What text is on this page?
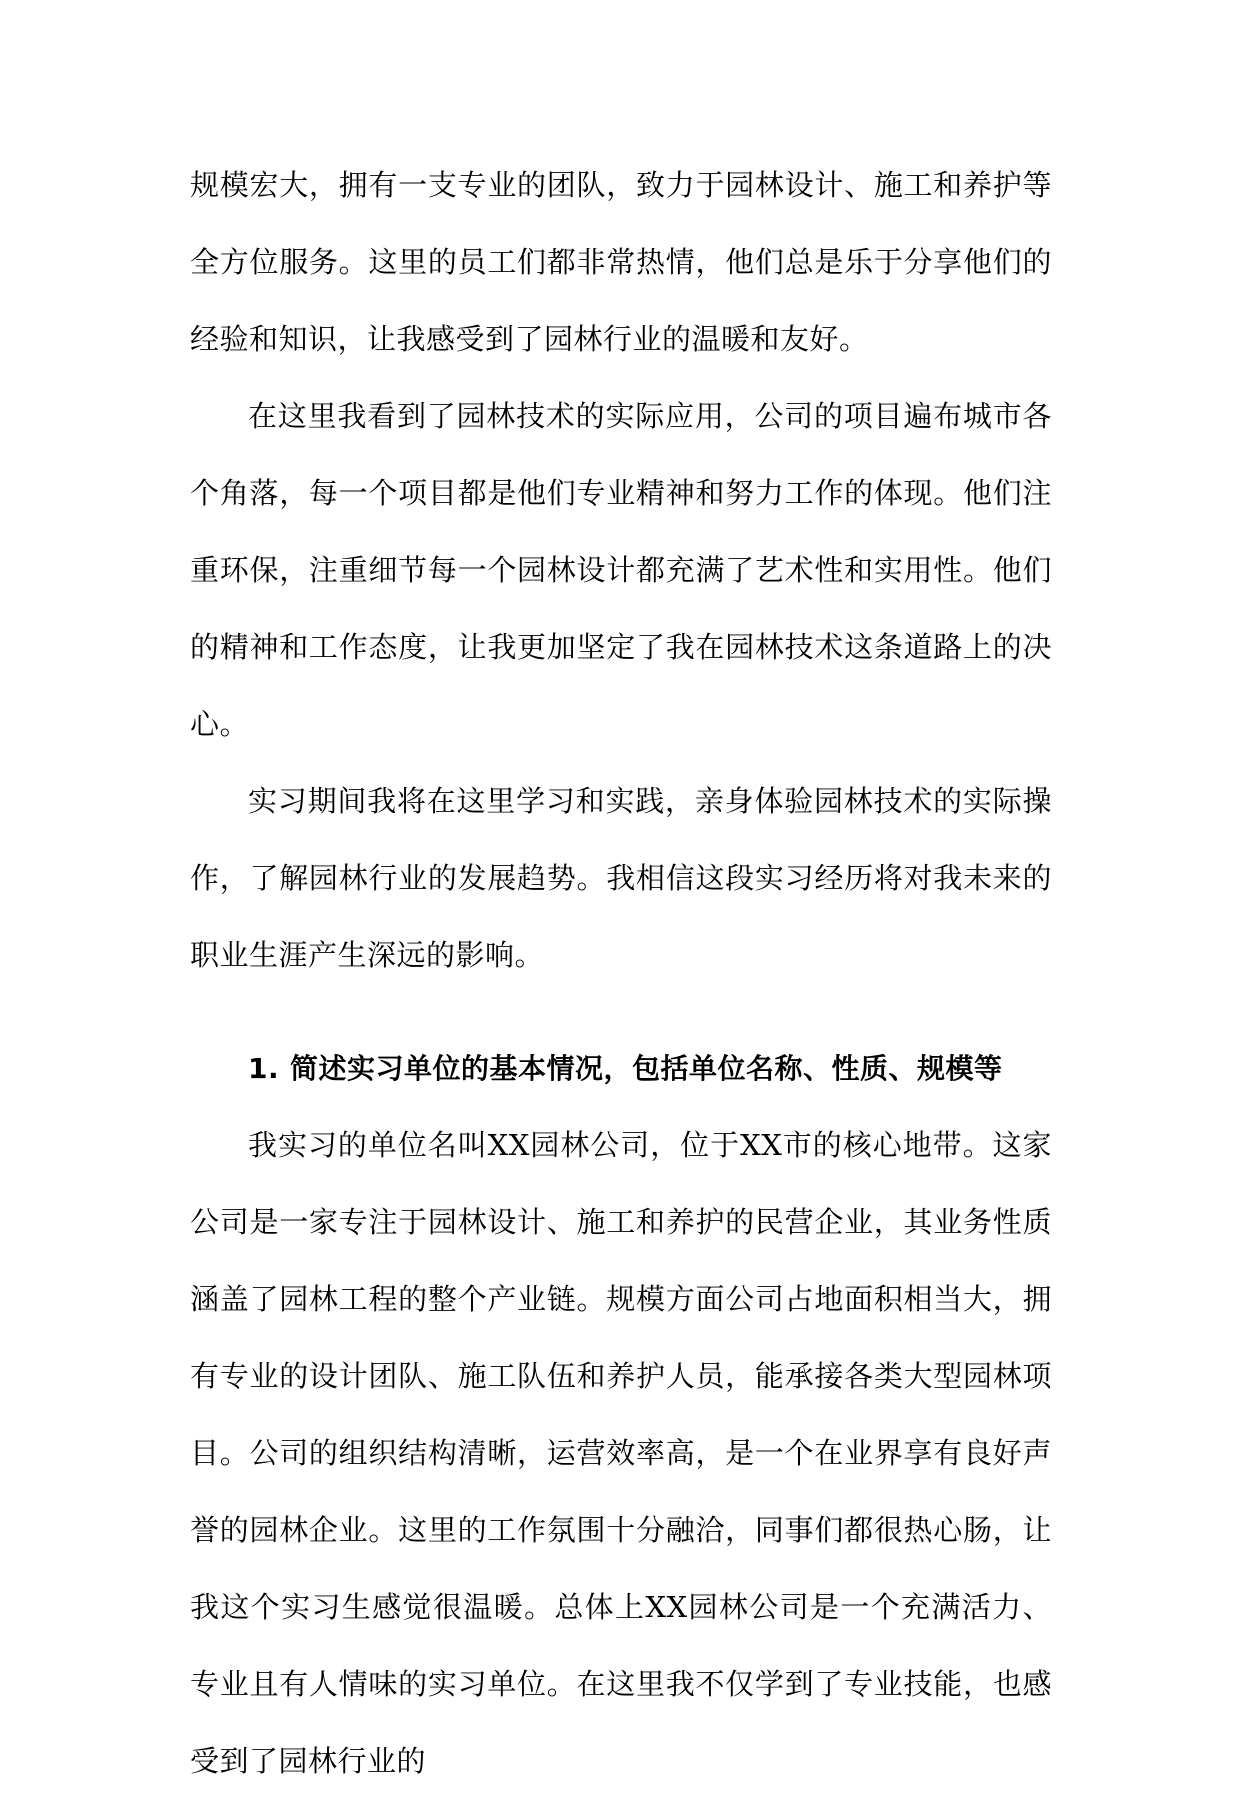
规模宏大，拥有一支专业的团队，致力于园林设计、施工和养护等全方位服务。这里的员工们都非常热情，他们总是乐于分享他们的经验和知识，让我感受到了园林行业的温暖和友好。

在这里我看到了园林技术的实际应用，公司的项目遍布城市各个角落，每一个项目都是他们专业精神和努力工作的体现。他们注重环保，注重细节每一个园林设计都充满了艺术性和实用性。他们的精神和工作态度，让我更加坚定了我在园林技术这条道路上的决心。

实习期间我将在这里学习和实践，亲身体验园林技术的实际操作，了解园林行业的发展趋势。我相信这段实习经历将对我未来的职业生涯产生深远的影响。

1. 简述实习单位的基本情况，包括单位名称、性质、规模等

我实习的单位名叫XX园林公司，位于XX市的核心地带。这家公司是一家专注于园林设计、施工和养护的民营企业，其业务性质涵盖了园林工程的整个产业链。规模方面公司占地面积相当大，拥有专业的设计团队、施工队伍和养护人员，能承接各类大型园林项目。公司的组织结构清晰，运营效率高，是一个在业界享有良好声誉的园林企业。这里的工作氛围十分融洽，同事们都很热心肠，让我这个实习生感觉很温暖。总体上XX园林公司是一个充满活力、专业且有人情味的实习单位。在这里我不仅学到了专业技能，也感受到了园林行业的
